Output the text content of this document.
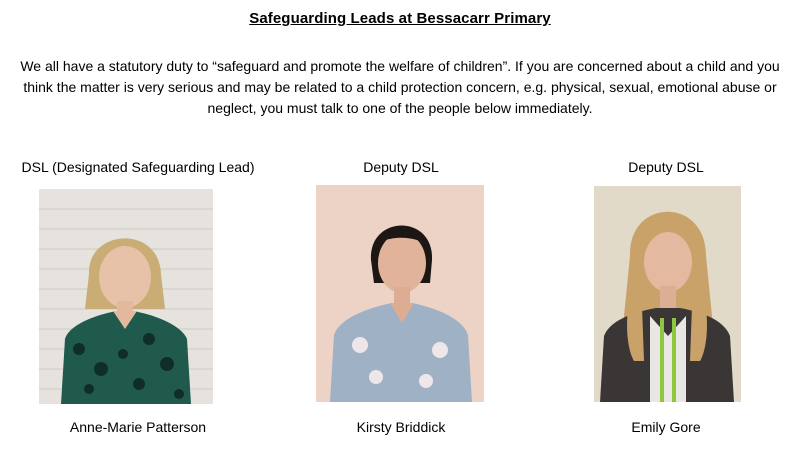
Safeguarding Leads at Bessacarr Primary
We all have a statutory duty to “safeguard and promote the welfare of children”. If you are concerned about a child and you think the matter is very serious and may be related to a child protection concern, e.g. physical, sexual, emotional abuse or neglect, you must talk to one of the people below immediately.
DSL (Designated Safeguarding Lead)
Anne-Marie Patterson
Deputy DSL
Kirsty Briddick
Deputy DSL
Emily Gore
